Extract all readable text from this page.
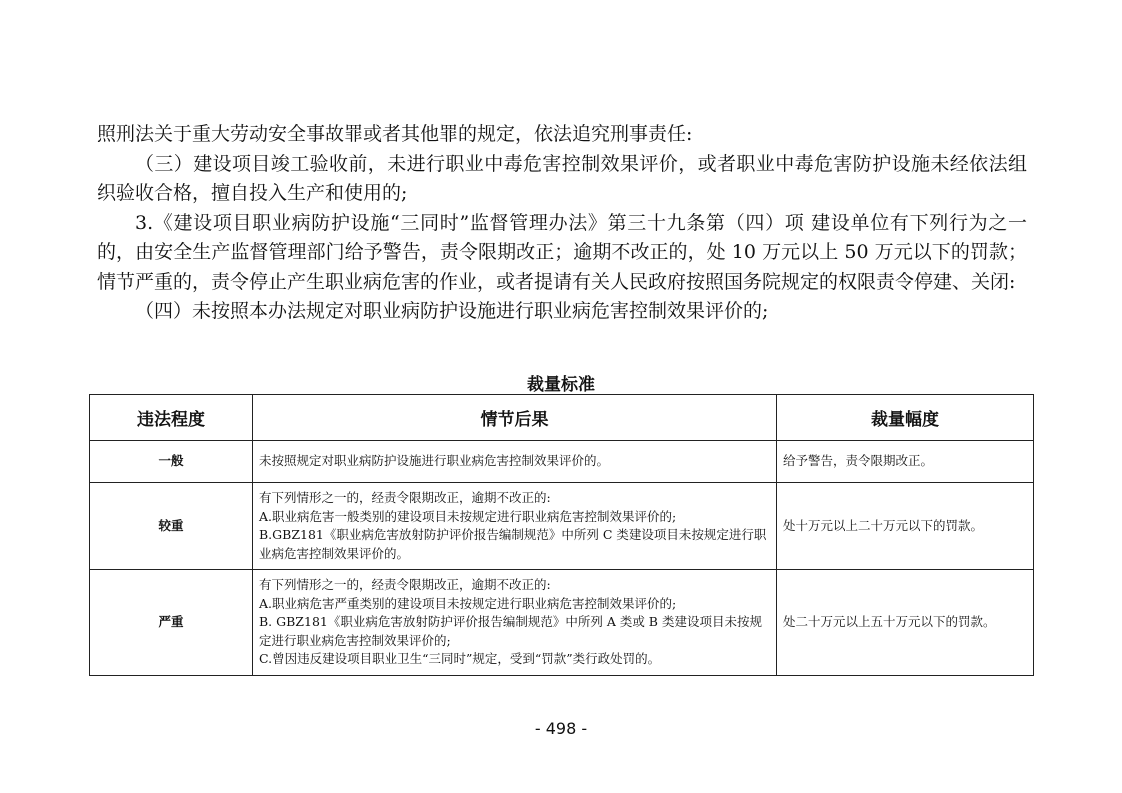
照刑法关于重大劳动安全事故罪或者其他罪的规定，依法追究刑事责任:

（三）建设项目竣工验收前，未进行职业中毒危害控制效果评价，或者职业中毒危害防护设施未经依法组织验收合格，擅自投入生产和使用的;

3.《建设项目职业病防护设施“三同时”监督管理办法》第三十九条第（四）项 建设单位有下列行为之一的，由安全生产监督管理部门给予警告，责令限期改正；逾期不改正的，处 10 万元以上 50 万元以下的罚款；情节严重的，责令停止产生职业病危害的作业，或者提请有关人民政府按照国务院规定的权限责令停建、关闭:

（四）未按照本办法规定对职业病防护设施进行职业病危害控制效果评价的;

裁量标准
违法程度	情节后果	裁量幅度
一般	未按照规定对职业病防护设施进行职业病危害控制效果评价的。	给予警告，责令限期改正。
较重	有下列情形之一的，经责令限期改正，逾期不改正的:
A.职业病危害一般类别的建设项目未按规定进行职业病危害控制效果评价的;
B.GBZ181《职业病危害放射防护评价报告编制规范》中所列 C 类建设项目未按规定进行职业病危害控制效果评价的。	处十万元以上二十万元以下的罚款。
严重	有下列情形之一的，经责令限期改正，逾期不改正的:
A.职业病危害严重类别的建设项目未按规定进行职业病危害控制效果评价的;
B. GBZ181《职业病危害放射防护评价报告编制规范》中所列 A 类或 B 类建设项目未按规定进行职业病危害控制效果评价的;
C.曾因违反建设项目职业卫生“三同时”规定，受到“罚款”类行政处罚的。	处二十万元以上五十万元以下的罚款。
- 498 -
